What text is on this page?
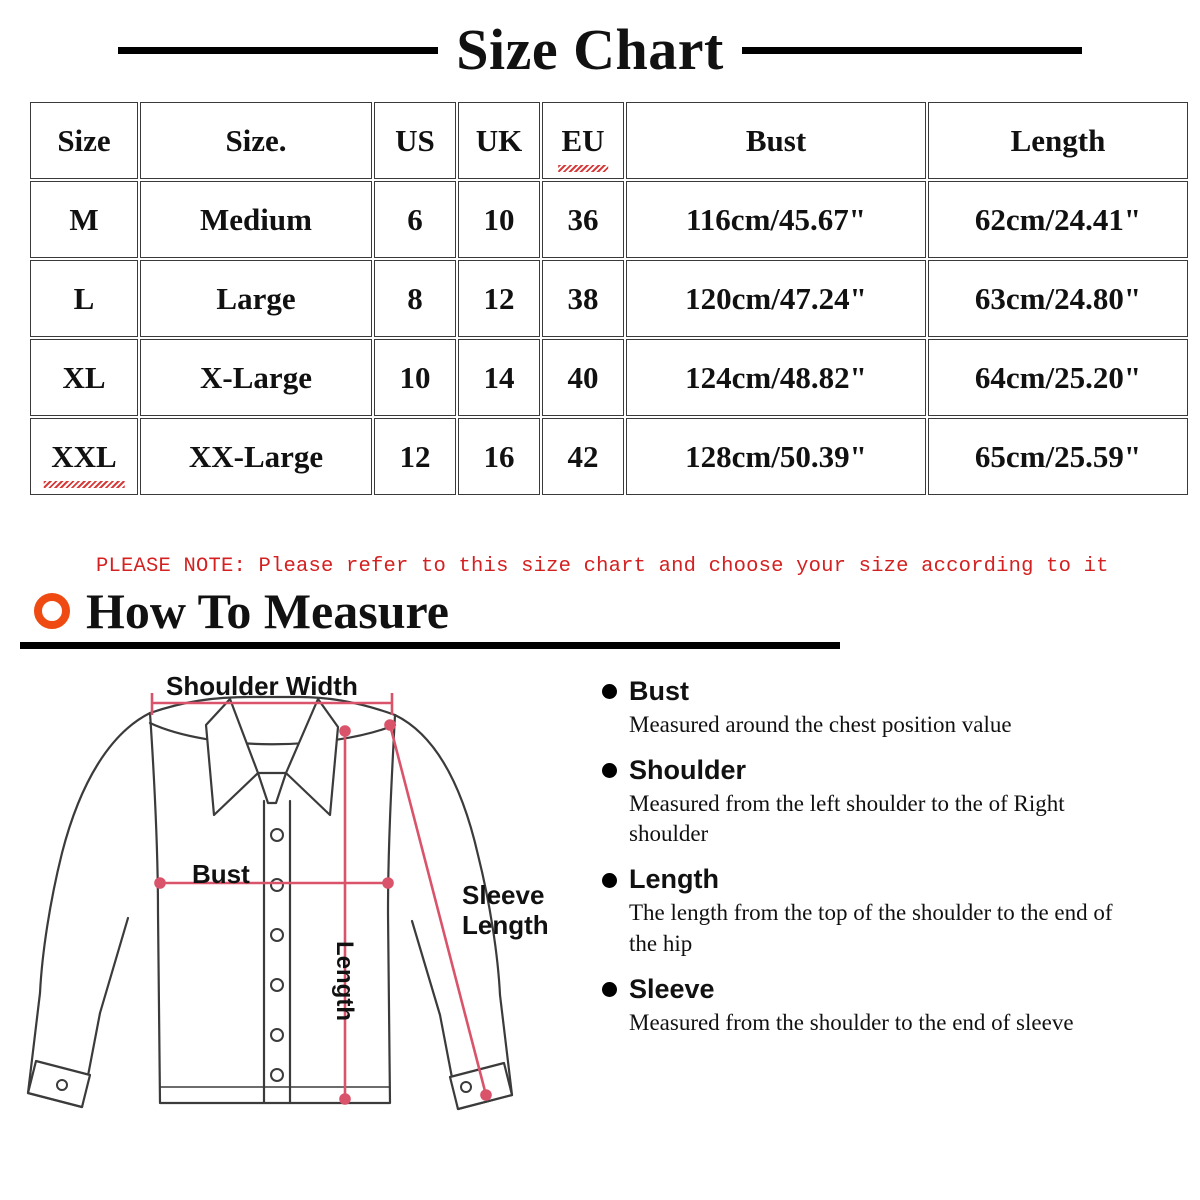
Size Chart
Size	Size.	US	UK	EU	Bust	Length
M	Medium	6	10	36	116cm/45.67"	62cm/24.41"
L	Large	8	12	38	120cm/47.24"	63cm/24.80"
XL	X-Large	10	14	40	124cm/48.82"	64cm/25.20"
XXL	XX-Large	12	16	42	128cm/50.39"	65cm/25.59"
PLEASE NOTE: Please refer to this size chart and choose your size according to it
How To Measure
Shoulder Width
Bust
Length
Sleeve
Length
Bust
Measured around the chest position value
Shoulder
Measured from the left shoulder to the of Right shoulder
Length
The length from the top of the shoulder to the end of the hip
Sleeve
Measured from the shoulder to the end of sleeve
